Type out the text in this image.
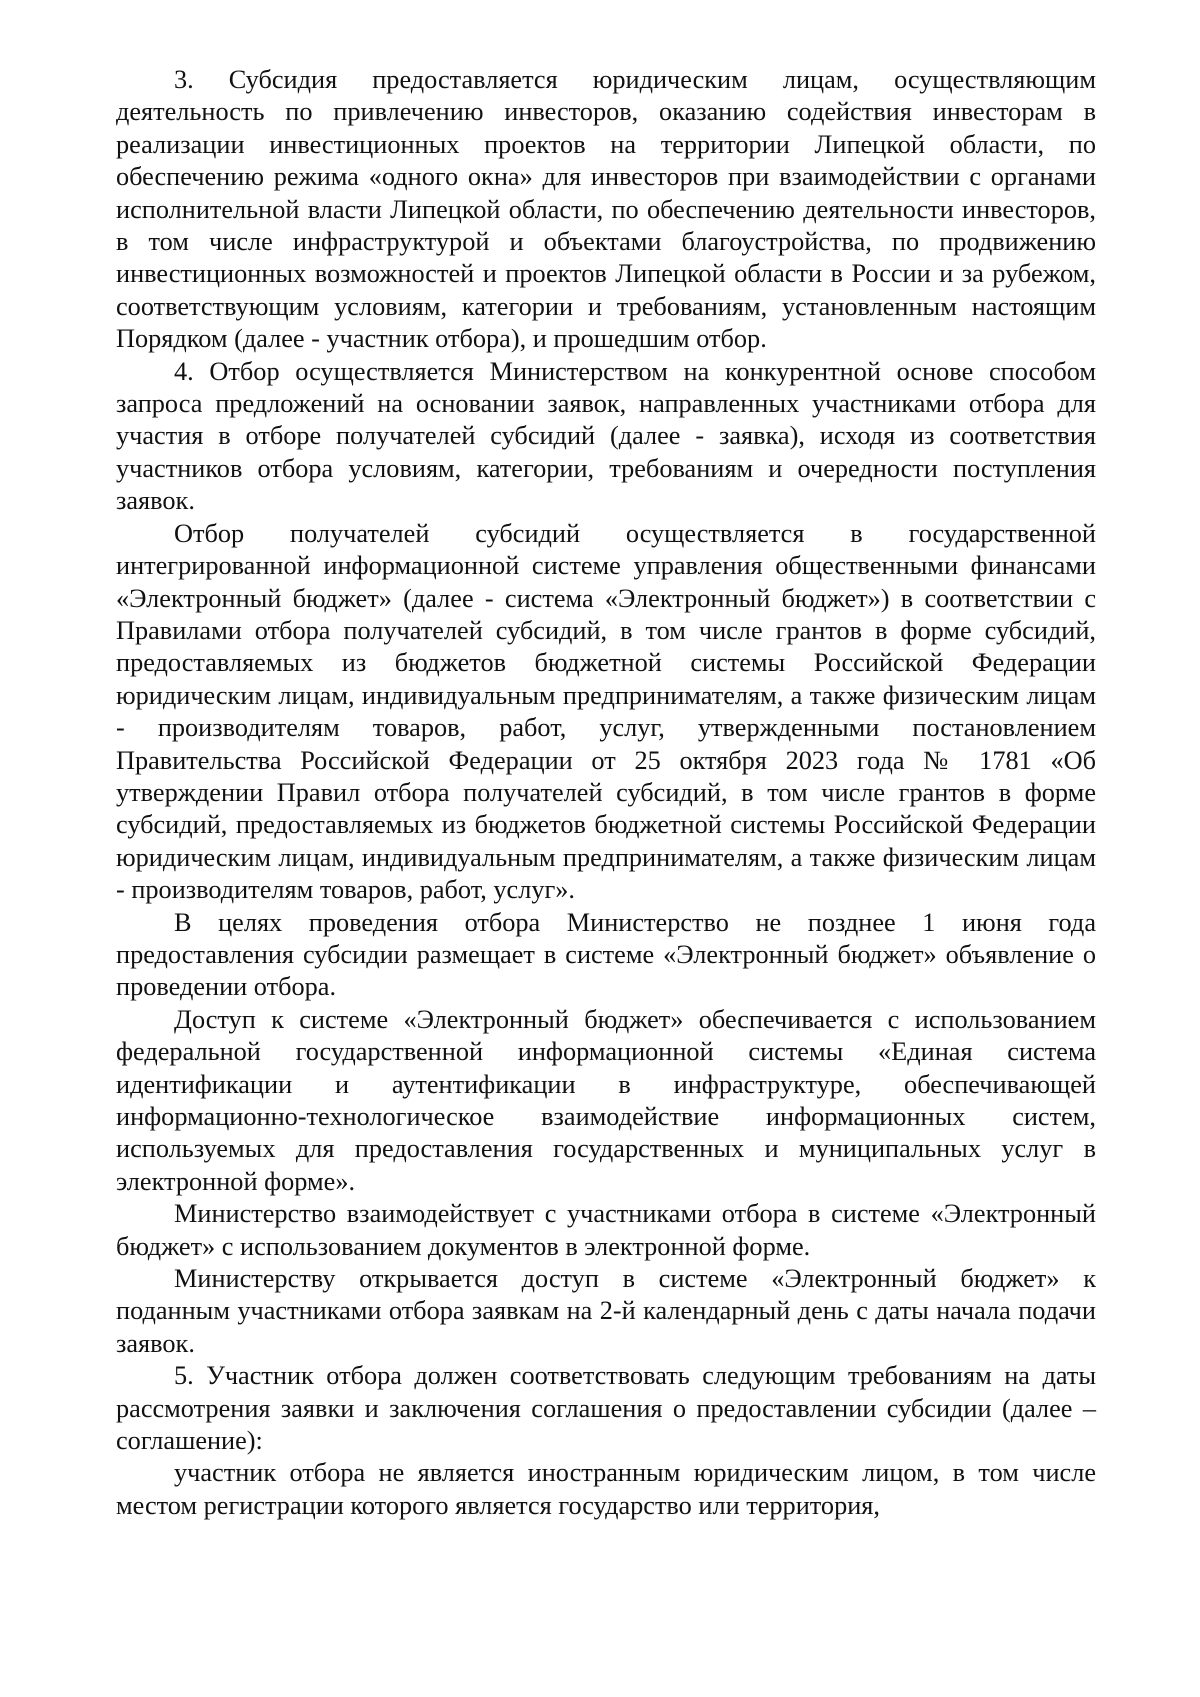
3. Субсидия предоставляется юридическим лицам, осуществляющим деятельность по привлечению инвесторов, оказанию содействия инвесторам в реализации инвестиционных проектов на территории Липецкой области, по обеспечению режима «одного окна» для инвесторов при взаимодействии с органами исполнительной власти Липецкой области, по обеспечению деятельности инвесторов, в том числе инфраструктурой и объектами благоустройства, по продвижению инвестиционных возможностей и проектов Липецкой области в России и за рубежом, соответствующим условиям, категории и требованиям, установленным настоящим Порядком (далее - участник отбора), и прошедшим отбор.

4. Отбор осуществляется Министерством на конкурентной основе способом запроса предложений на основании заявок, направленных участниками отбора для участия в отборе получателей субсидий (далее - заявка), исходя из соответствия участников отбора условиям, категории, требованиям и очередности поступления заявок.

Отбор получателей субсидий осуществляется в государственной интегрированной информационной системе управления общественными финансами «Электронный бюджет» (далее - система «Электронный бюджет») в соответствии с Правилами отбора получателей субсидий, в том числе грантов в форме субсидий, предоставляемых из бюджетов бюджетной системы Российской Федерации юридическим лицам, индивидуальным предпринимателям, а также физическим лицам - производителям товаров, работ, услуг, утвержденными постановлением Правительства Российской Федерации от 25 октября 2023 года № 1781 «Об утверждении Правил отбора получателей субсидий, в том числе грантов в форме субсидий, предоставляемых из бюджетов бюджетной системы Российской Федерации юридическим лицам, индивидуальным предпринимателям, а также физическим лицам - производителям товаров, работ, услуг».

В целях проведения отбора Министерство не позднее 1 июня года предоставления субсидии размещает в системе «Электронный бюджет» объявление о проведении отбора.

Доступ к системе «Электронный бюджет» обеспечивается с использованием федеральной государственной информационной системы «Единая система идентификации и аутентификации в инфраструктуре, обеспечивающей информационно-технологическое взаимодействие информационных систем, используемых для предоставления государственных и муниципальных услуг в электронной форме».

Министерство взаимодействует с участниками отбора в системе «Электронный бюджет» с использованием документов в электронной форме.

Министерству открывается доступ в системе «Электронный бюджет» к поданным участниками отбора заявкам на 2-й календарный день с даты начала подачи заявок.

5. Участник отбора должен соответствовать следующим требованиям на даты рассмотрения заявки и заключения соглашения о предоставлении субсидии (далее – соглашение):

участник отбора не является иностранным юридическим лицом, в том числе местом регистрации которого является государство или территория,
